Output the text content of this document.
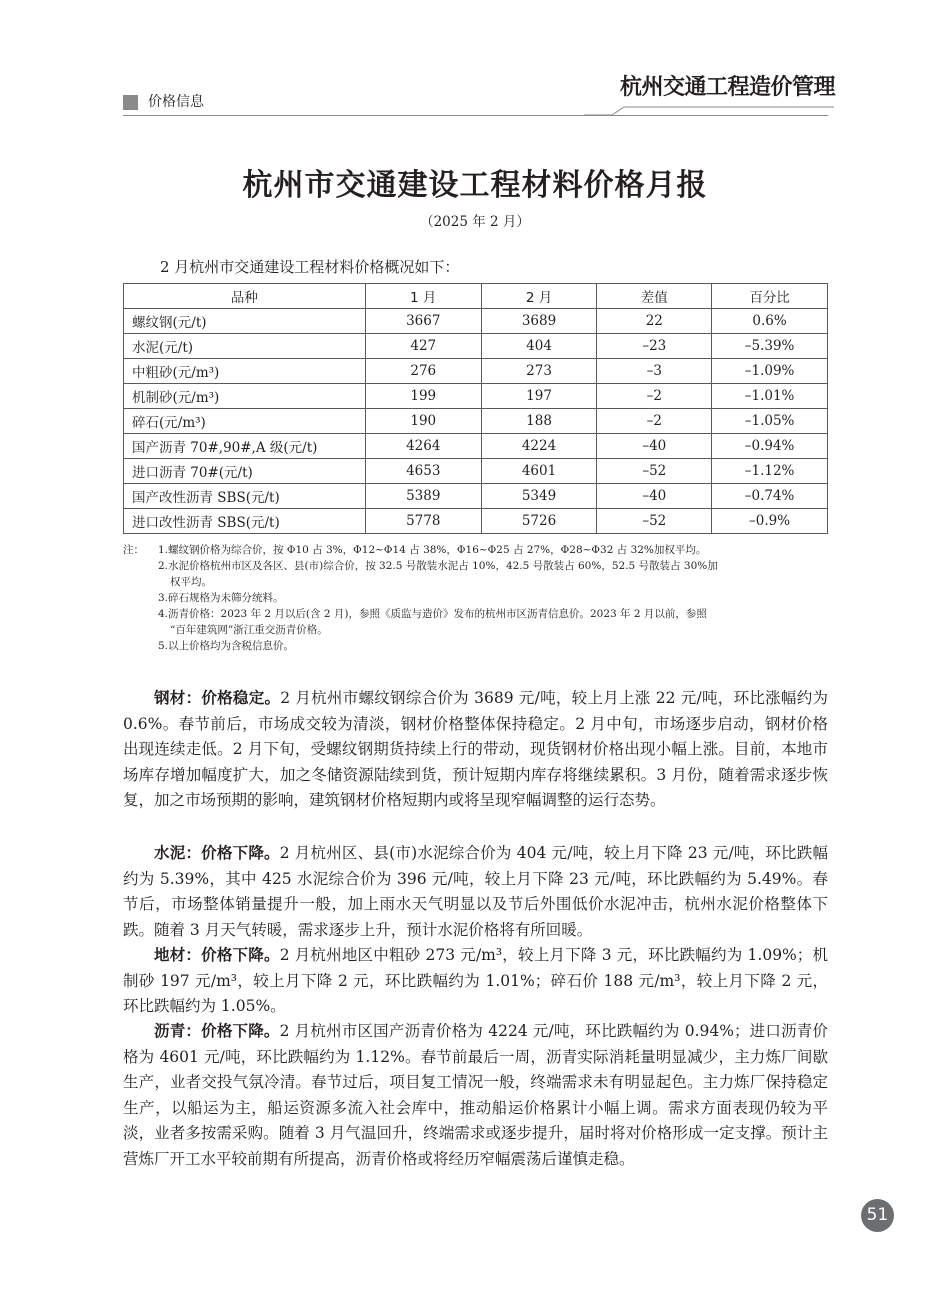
价格信息
杭州交通工程造价管理
杭州市交通建设工程材料价格月报
（2025 年 2 月）
2 月杭州市交通建设工程材料价格概况如下：
品种	1 月	2 月	差值	百分比
螺纹钢(元/t)	3667	3689	22	0.6%
水泥(元/t)	427	404	–23	–5.39%
中粗砂(元/m³)	276	273	–3	–1.09%
机制砂(元/m³)	199	197	–2	–1.01%
碎石(元/m³)	190	188	–2	–1.05%
国产沥青 70#,90#,A 级(元/t)	4264	4224	–40	–0.94%
进口沥青 70#(元/t)	4653	4601	–52	–1.12%
国产改性沥青 SBS(元/t)	5389	5349	–40	–0.74%
进口改性沥青 SBS(元/t)	5778	5726	–52	–0.9%
注：	1.螺纹钢价格为综合价，按 Φ10 占 3%，Φ12~Φ14 占 38%，Φ16~Φ25 占 27%，Φ28~Φ32 占 32%加权平均。
2.水泥价格杭州市区及各区、县(市)综合价，按 32.5 号散装水泥占 10%，42.5 号散装占 60%，52.5 号散装占 30%加
权平均。
3.碎石规格为未筛分统料。
4.沥青价格：2023 年 2 月以后(含 2 月)，参照《质监与造价》发布的杭州市区沥青信息价。2023 年 2 月以前，参照
“百年建筑网”浙江重交沥青价格。
5.以上价格均为含税信息价。

钢材：价格稳定。2 月杭州市螺纹钢综合价为 3689 元/吨，较上月上涨 22 元/吨，环比涨幅约为 0.6%。春节前后，市场成交较为清淡，钢材价格整体保持稳定。2 月中旬，市场逐步启动，钢材价格出现连续走低。2 月下旬，受螺纹钢期货持续上行的带动，现货钢材价格出现小幅上涨。目前，本地市场库存增加幅度扩大，加之冬储资源陆续到货，预计短期内库存将继续累积。3 月份，随着需求逐步恢复，加之市场预期的影响，建筑钢材价格短期内或将呈现窄幅调整的运行态势。

水泥：价格下降。2 月杭州区、县(市)水泥综合价为 404 元/吨，较上月下降 23 元/吨，环比跌幅约为 5.39%，其中 425 水泥综合价为 396 元/吨，较上月下降 23 元/吨，环比跌幅约为 5.49%。春节后，市场整体销量提升一般，加上雨水天气明显以及节后外围低价水泥冲击，杭州水泥价格整体下跌。随着 3 月天气转暖，需求逐步上升，预计水泥价格将有所回暖。

地材：价格下降。2 月杭州地区中粗砂 273 元/m³，较上月下降 3 元，环比跌幅约为 1.09%；机制砂 197 元/m³，较上月下降 2 元，环比跌幅约为 1.01%；碎石价 188 元/m³，较上月下降 2 元，环比跌幅约为 1.05%。

沥青：价格下降。2 月杭州市区国产沥青价格为 4224 元/吨，环比跌幅约为 0.94%；进口沥青价格为 4601 元/吨，环比跌幅约为 1.12%。春节前最后一周，沥青实际消耗量明显减少，主力炼厂间歇生产，业者交投气氛冷清。春节过后，项目复工情况一般，终端需求未有明显起色。主力炼厂保持稳定生产，以船运为主，船运资源多流入社会库中，推动船运价格累计小幅上调。需求方面表现仍较为平淡，业者多按需采购。随着 3 月气温回升，终端需求或逐步提升，届时将对价格形成一定支撑。预计主营炼厂开工水平较前期有所提高，沥青价格或将经历窄幅震荡后谨慎走稳。

51
